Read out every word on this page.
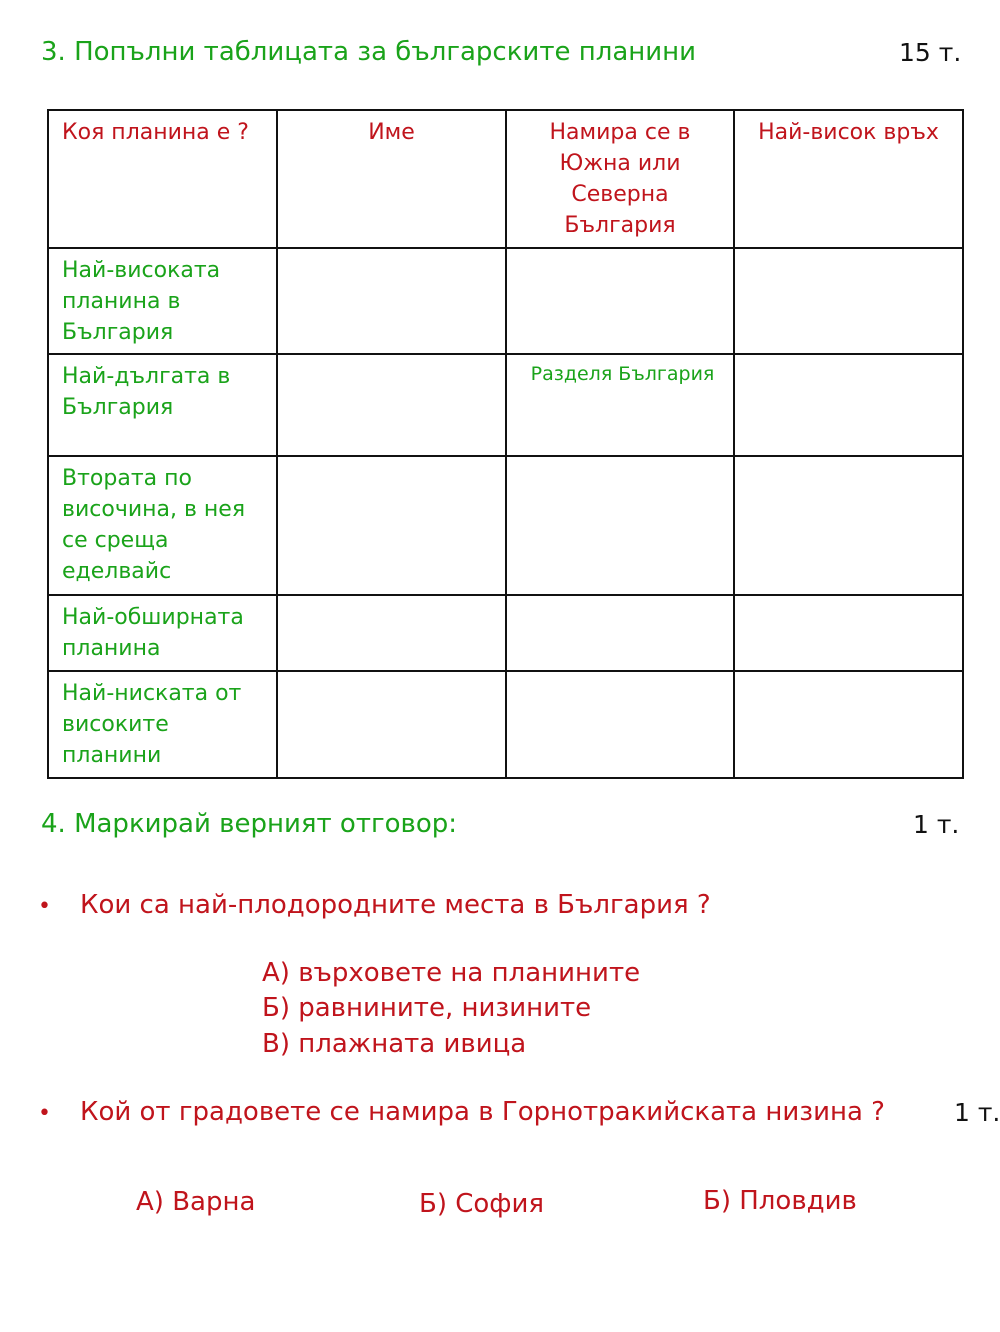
3. Попълни таблицата за българските планини	15 т.
Коя планина е ?	Име	Намира се в Южна или Северна България	Най-висок връх
Най-високата планина в България			
Най-дългата в България		Разделя България	
Втората по височина, в нея се среща еделвайс			
Най-обширната планина			
Най-ниската от високите планини			
4. Маркирай верният отговор:	1 т.
• Кои са най-плодородните места в България ?
А) върховете на планините
Б) равнините, низините
В) плажната ивица
• Кой от градовете се намира в Горнотракийската низина ?	1 т.
А) Варна	Б) София	Б) Пловдив
